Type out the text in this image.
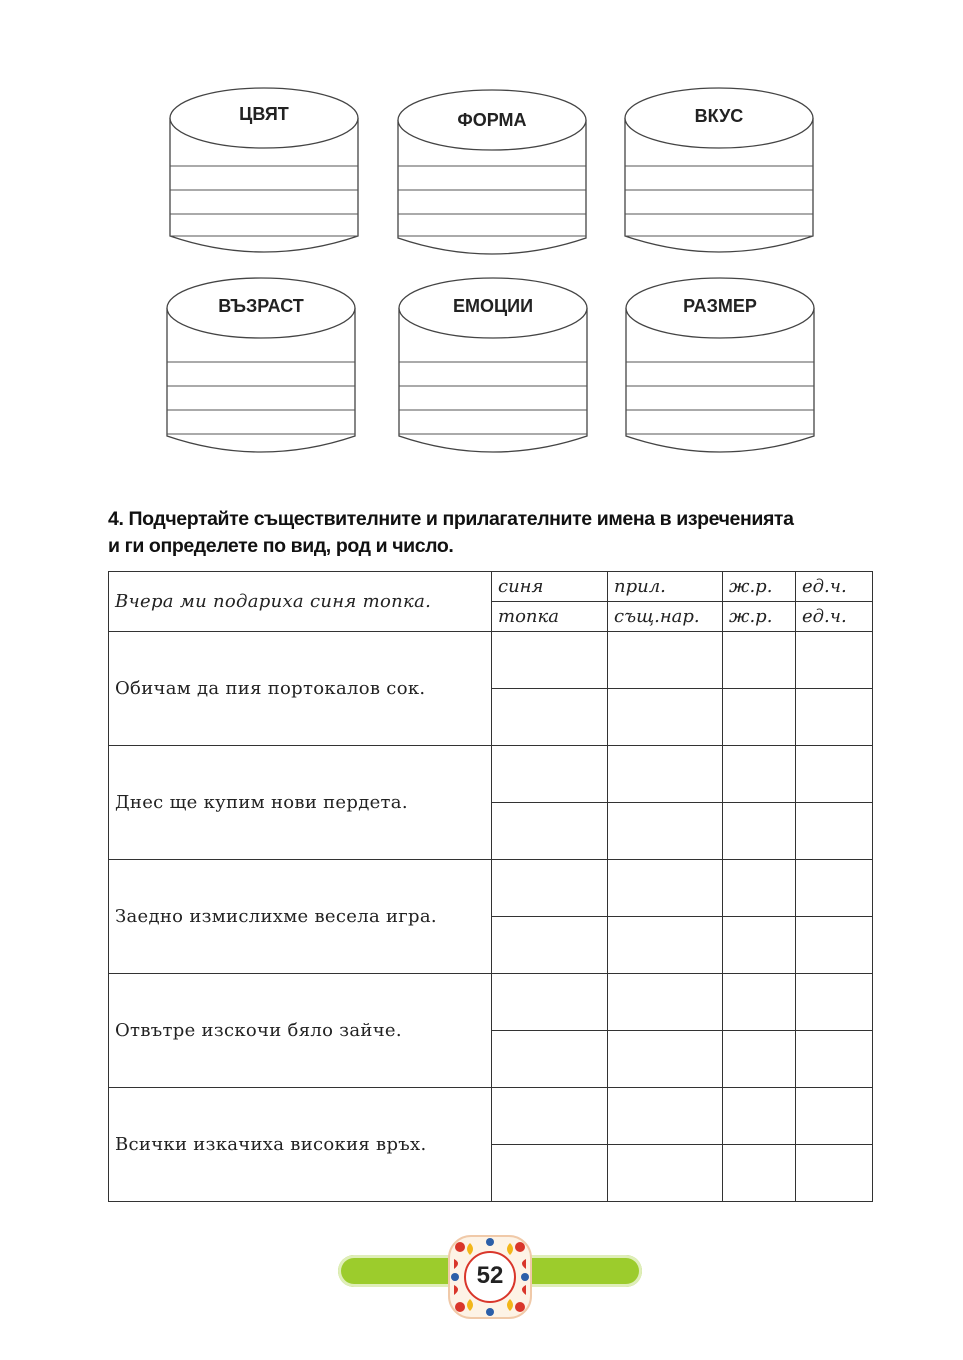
ЦВЯТ	ФОРМА	ВКУС
ВЪЗРАСТ	ЕМОЦИИ	РАЗМЕР
4. Подчертайте съществителните и прилагателните имена в изреченията
и ги определете по вид, род и число.
Вчера ми подариха синя топка.	синя	прил.	ж.р.	ед.ч.
	топка	същ.нар.	ж.р.	ед.ч.
Обичам да пия портокалов сок.				

Днес ще купим нови пердета.				

Заедно измислихме весела игра.				

Отвътре изскочи бяло зайче.				

Всички изкачиха високия връх.				

52
